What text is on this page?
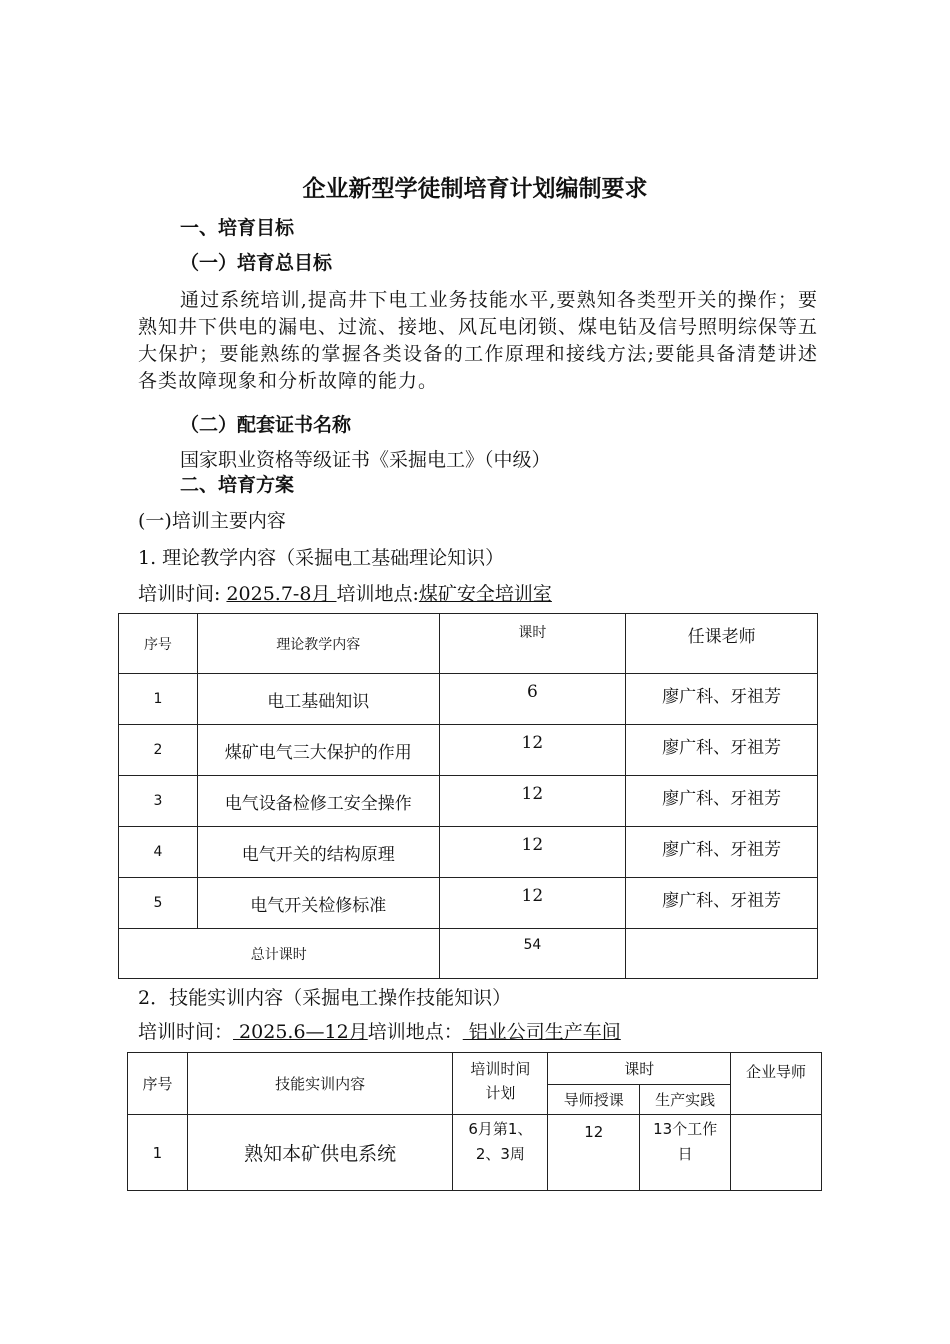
企业新型学徒制培育计划编制要求
一、培育目标
（一）培育总目标
通过系统培训,提高井下电工业务技能水平,要熟知各类型开关的操作；要熟知井下供电的漏电、过流、接地、风瓦电闭锁、煤电钻及信号照明综保等五大保护；要能熟练的掌握各类设备的工作原理和接线方法;要能具备清楚讲述各类故障现象和分析故障的能力。
（二）配套证书名称
国家职业资格等级证书《采掘电工》（中级）
二、培育方案
(一)培训主要内容
1. 理论教学内容（采掘电工基础理论知识）
培训时间: 2025.7-8月 培训地点:煤矿安全培训室
序号	理论教学内容	课时	任课老师
1	电工基础知识	6	廖广科、牙祖芳
2	煤矿电气三大保护的作用	12	廖广科、牙祖芳
3	电气设备检修工安全操作	12	廖广科、牙祖芳
4	电气开关的结构原理	12	廖广科、牙祖芳
5	电气开关检修标准	12	廖广科、牙祖芳
总计课时		54	
2．技能实训内容（采掘电工操作技能知识）
培训时间： 2025.6—12月培训地点： 铝业公司生产车间
序号	技能实训内容	培训时间计划	课时		企业导师
			导师授课	生产实践	
1	熟知本矿供电系统	6月第1、2、3周	12	13个工作日	
